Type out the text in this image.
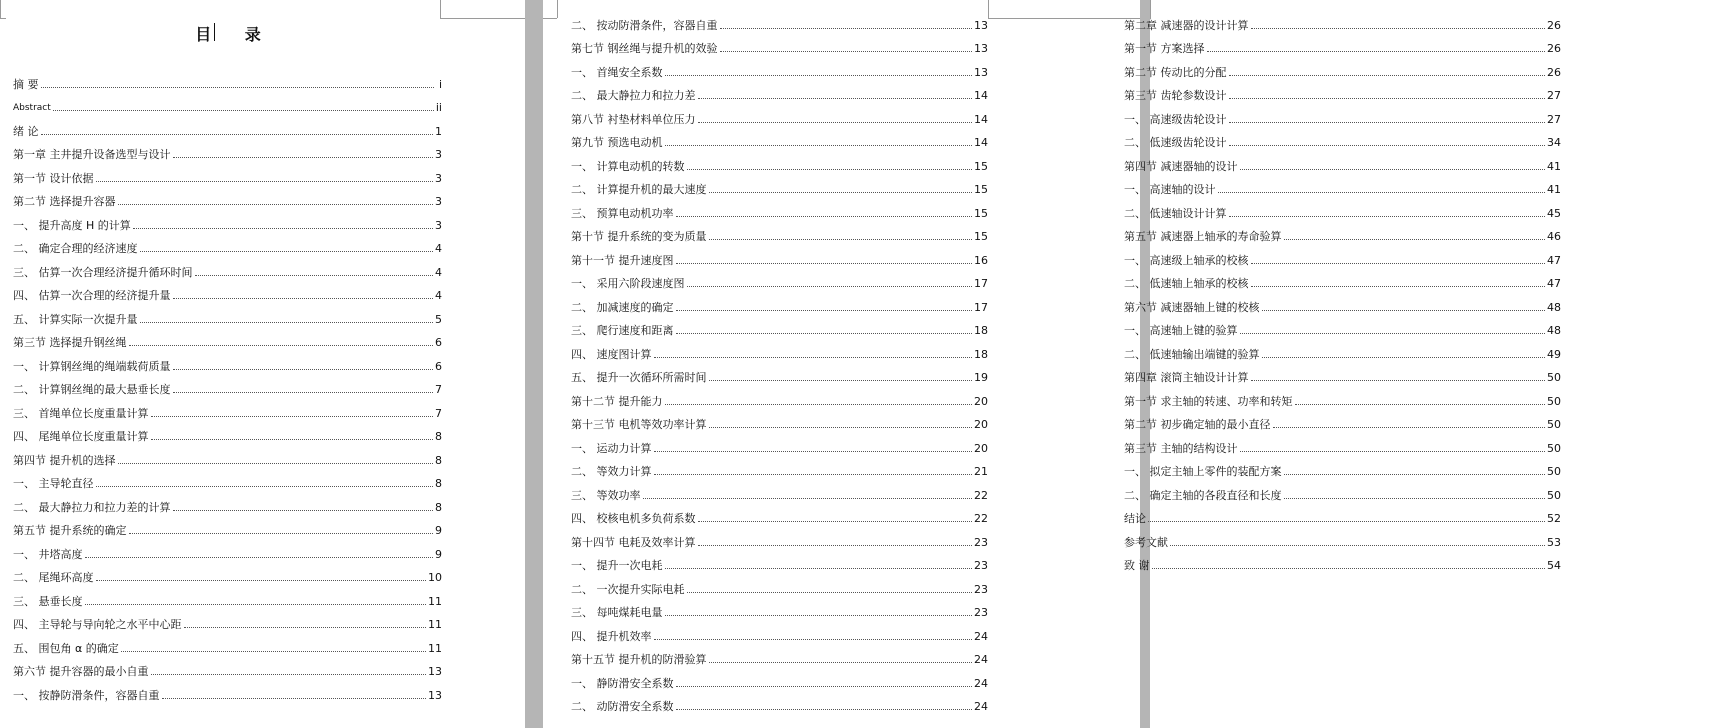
目 录
摘 要	i
Abstract	ii
绪 论	1
第一章 主井提升设备选型与设计	3
第一节 设计依据	3
第二节 选择提升容器	3
一、 提升高度 H 的计算	3
二、 确定合理的经济速度	4
三、 估算一次合理经济提升循环时间	4
四、 估算一次合理的经济提升量	4
五、 计算实际一次提升量	5
第三节 选择提升钢丝绳	6
一、 计算钢丝绳的绳端载荷质量	6
二、 计算钢丝绳的最大悬垂长度	7
三、 首绳单位长度重量计算	7
四、 尾绳单位长度重量计算	8
第四节 提升机的选择	8
一、 主导轮直径	8
二、 最大静拉力和拉力差的计算	8
第五节 提升系统的确定	9
一、 井塔高度	9
二、 尾绳环高度	10
三、 悬垂长度	11
四、 主导轮与导向轮之水平中心距	11
五、 围包角 α 的确定	11
第六节 提升容器的最小自重	13
一、 按静防滑条件，容器自重	13
二、 按动防滑条件，容器自重	13
第七节 钢丝绳与提升机的效验	13
一、 首绳安全系数	13
二、 最大静拉力和拉力差	14
第八节 衬垫材料单位压力	14
第九节 预选电动机	14
一、 计算电动机的转数	15
二、 计算提升机的最大速度	15
三、 预算电动机功率	15
第十节 提升系统的变为质量	15
第十一节 提升速度图	16
一、 采用六阶段速度图	17
二、 加减速度的确定	17
三、 爬行速度和距离	18
四、 速度图计算	18
五、 提升一次循环所需时间	19
第十二节 提升能力	20
第十三节 电机等效功率计算	20
一、 运动力计算	20
二、 等效力计算	21
三、 等效功率	22
四、 校核电机多负荷系数	22
第十四节 电耗及效率计算	23
一、 提升一次电耗	23
二、 一次提升实际电耗	23
三、 每吨煤耗电量	23
四、 提升机效率	24
第十五节 提升机的防滑验算	24
一、 静防滑安全系数	24
二、 动防滑安全系数	24
第二章 减速器的设计计算	26
第一节 方案选择	26
第二节 传动比的分配	26
第三节 齿轮参数设计	27
一、 高速级齿轮设计	27
二、 低速级齿轮设计	34
第四节 减速器轴的设计	41
一、 高速轴的设计	41
二、 低速轴设计计算	45
第五节 减速器上轴承的寿命验算	46
一、 高速级上轴承的校核	47
二、 低速轴上轴承的校核	47
第六节 减速器轴上键的校核	48
一、 高速轴上键的验算	48
二、 低速轴输出端键的验算	49
第四章 滚筒主轴设计计算	50
第一节 求主轴的转速、功率和转矩	50
第二节 初步确定轴的最小直径	50
第三节 主轴的结构设计	50
一、 拟定主轴上零件的装配方案	50
二、 确定主轴的各段直径和长度	50
结论	52
参考文献	53
致 谢	54
